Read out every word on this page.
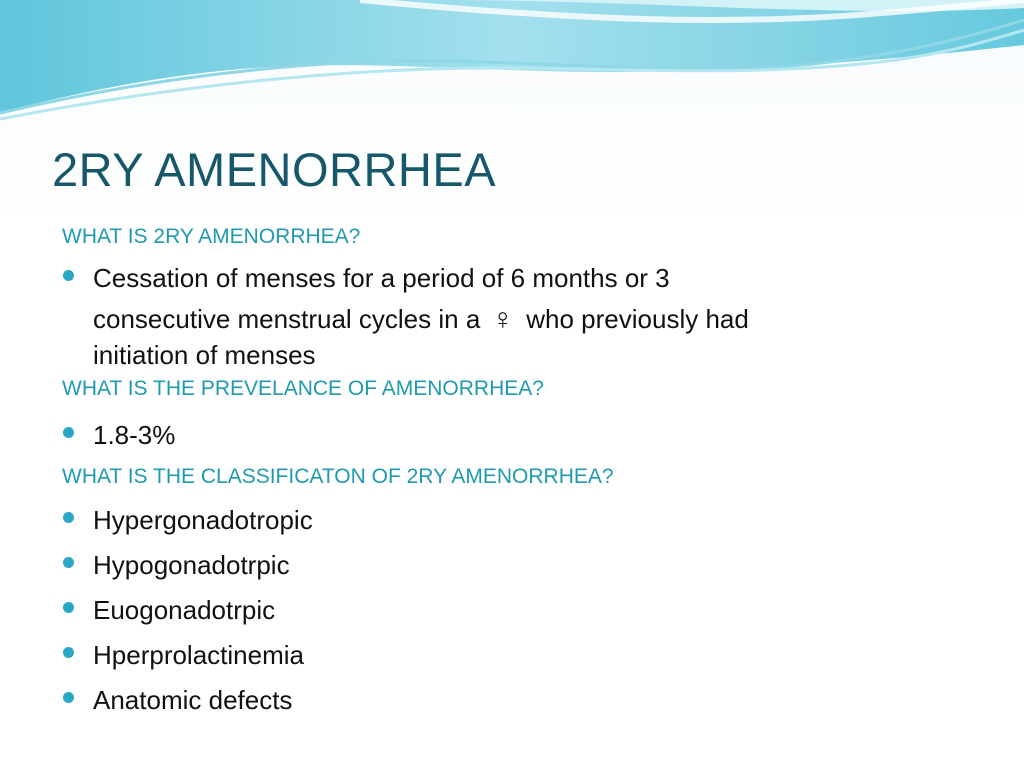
2RY AMENORRHEA
WHAT IS 2RY AMENORRHEA?
Cessation of menses for a period of 6 months or 3
consecutive menstrual cycles in a ♀ who previously had
initiation of menses
WHAT IS THE PREVELANCE OF AMENORRHEA?
1.8-3%
WHAT IS THE CLASSIFICATON OF 2RY AMENORRHEA?
Hypergonadotropic
Hypogonadotrpic
Euogonadotrpic
Hperprolactinemia
Anatomic defects
